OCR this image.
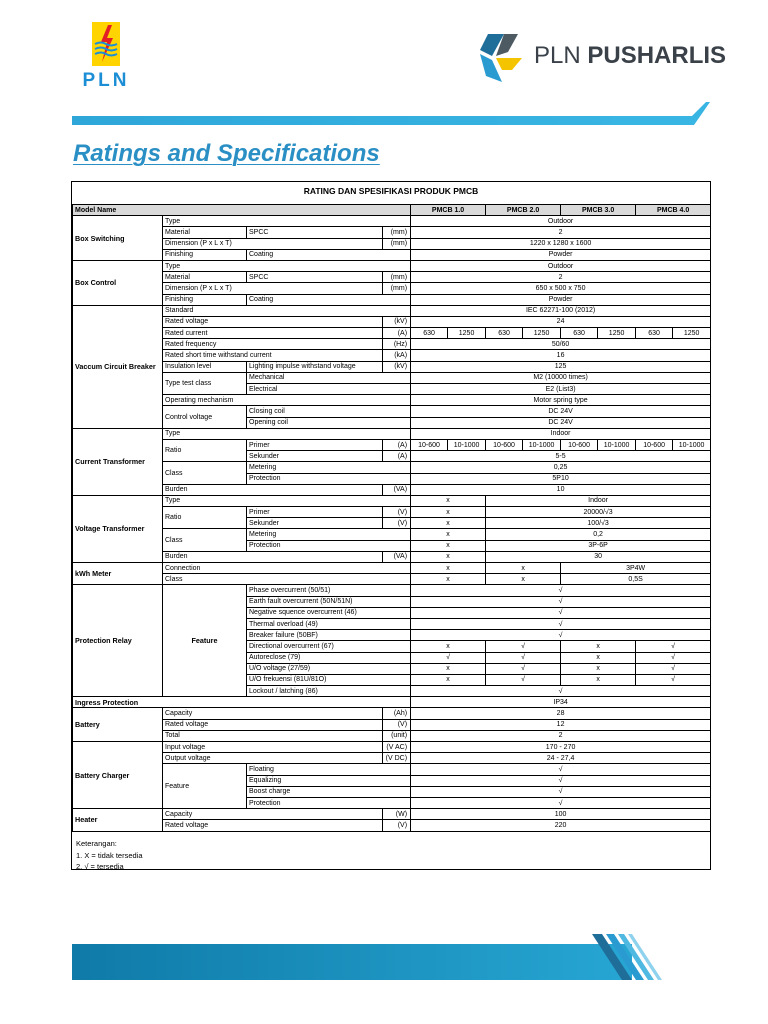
PLN
PLN PUSHARLIS
Ratings and Specifications
RATING DAN SPESIFIKASI PRODUK PMCB
Model Name				PMCB 1.0		PMCB 2.0		PMCB 3.0		PMCB 4.0	
Box Switching	Type			Outdoor							
	Material	SPCC	(mm)	2							
	Dimension (P x L x T)		(mm)	1220 x 1280 x 1600							
	Finishing	Coating		Powder							
Box Control	Type			Outdoor							
	Material	SPCC	(mm)	2							
	Dimension (P x L x T)		(mm)	650 x 500 x 750							
	Finishing	Coating		Powder							
Vaccum Circuit Breaker	Standard			IEC 62271-100 (2012)							
	Rated voltage		(kV)	24							
	Rated current		(A)	630	1250	630	1250	630	1250	630	1250
	Rated frequency		(Hz)	50/60							
	Rated short time withstand current		(kA)	16							
	Insulation level	Lighting impulse withstand voltage	(kV)	125							
	Type test class	Mechanical		M2 (10000 times)							
		Electrical		E2 (List3)							
	Operating mechanism			Motor spring type							
	Control voltage	Closing coil		DC 24V							
		Opening coil		DC 24V							
Current Transformer	Type			Indoor							
	Ratio	Primer	(A)	10-600	10-1000	10-600	10-1000	10-600	10-1000	10-600	10-1000
		Sekunder	(A)	5-5							
	Class	Metering		0,25							
		Protection		5P10							
	Burden		(VA)	10							
Voltage Transformer	Type			x		Indoor					
	Ratio	Primer	(V)	x		20000/√3					
		Sekunder	(V)	x		100/√3					
	Class	Metering		x		0,2					
		Protection		x		3P-6P					
	Burden		(VA)	x		30					
kWh Meter	Connection			x		x		3P4W			
	Class			x		x		0,5S			
Protection Relay	Feature	Phase overcurrent (50/51)		√							
		Earth fault overcurrent (50N/51N)		√							
		Negative squence overcurrent (46)		√							
		Thermal overload (49)		√							
		Breaker failure (50BF)		√							
		Directional overcurrent (67)		x		√		x		√	
		Autoreclose (79)		√		√		x		√	
		U/O voltage (27/59)		x		√		x		√	
		U/O frekuensi (81U/81O)		x		√		x		√	
		Lockout / latching (86)		√							
Ingress Protection				IP34							
Battery	Capacity		(Ah)	28							
	Rated voltage		(V)	12							
	Total		(unit)	2							
Battery Charger	Input voltage		(V AC)	170 - 270							
	Output voltage		(V DC)	24 - 27,4							
	Feature	Floating		√							
		Equalizing		√							
		Boost charge		√							
		Protection		√							
Heater	Capacity		(W)	100							
	Rated voltage		(V)	220							
Keterangan:
1. X = tidak tersedia
2. √ = tersedia
